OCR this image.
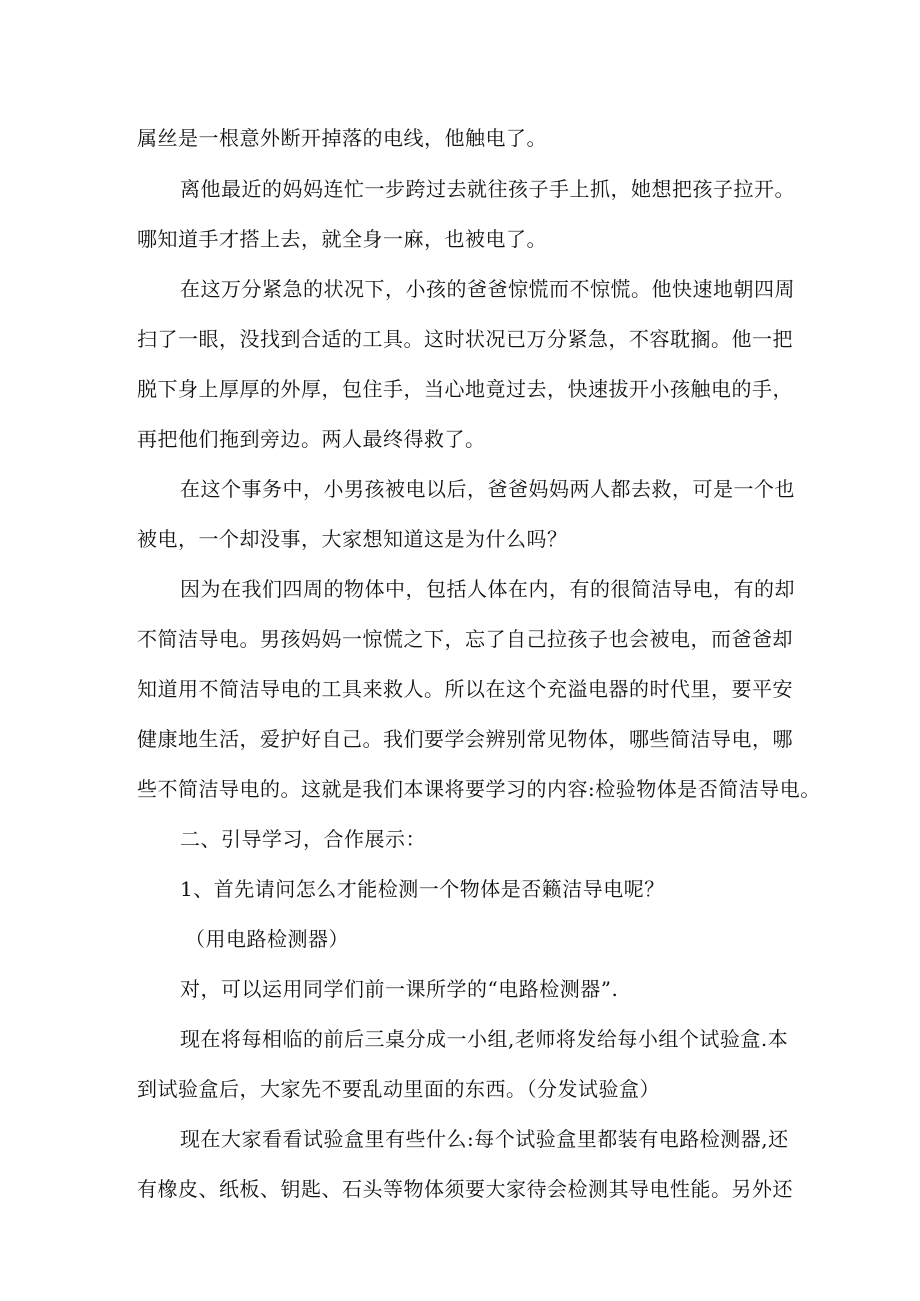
属丝是一根意外断开掉落的电线，他触电了。
离他最近的妈妈连忙一步跨过去就往孩子手上抓，她想把孩子拉开。
哪知道手才搭上去，就全身一麻，也被电了。
在这万分紧急的状况下，小孩的爸爸惊慌而不惊慌。他快速地朝四周
扫了一眼，没找到合适的工具。这时状况已万分紧急，不容耽搁。他一把
脱下身上厚厚的外厚，包住手，当心地竟过去，快速拔开小孩触电的手，
再把他们拖到旁边。两人最终得救了。
在这个事务中，小男孩被电以后，爸爸妈妈两人都去救，可是一个也
被电，一个却没事，大家想知道这是为什么吗？
因为在我们四周的物体中，包括人体在内，有的很简洁导电，有的却
不简洁导电。男孩妈妈一惊慌之下，忘了自己拉孩子也会被电，而爸爸却
知道用不简洁导电的工具来救人。所以在这个充溢电器的时代里，要平安
健康地生活，爱护好自己。我们要学会辨别常见物体，哪些简洁导电，哪
些不简洁导电的。这就是我们本课将要学习的内容:检验物体是否简洁导电。
二、引导学习，合作展示：
1、首先请问怎么才能检测一个物体是否籁洁导电呢？
（用电路检测器）
对，可以运用同学们前一课所学的“电路检测器”.
现在将每相临的前后三桌分成一小组,老师将发给每小组个试验盒.本
到试验盒后，大家先不要乱动里面的东西。（分发试验盒）
现在大家看看试验盒里有些什么:每个试验盒里都装有电路检测器,还
有橡皮、纸板、钥匙、石头等物体须要大家待会检测其导电性能。另外还
